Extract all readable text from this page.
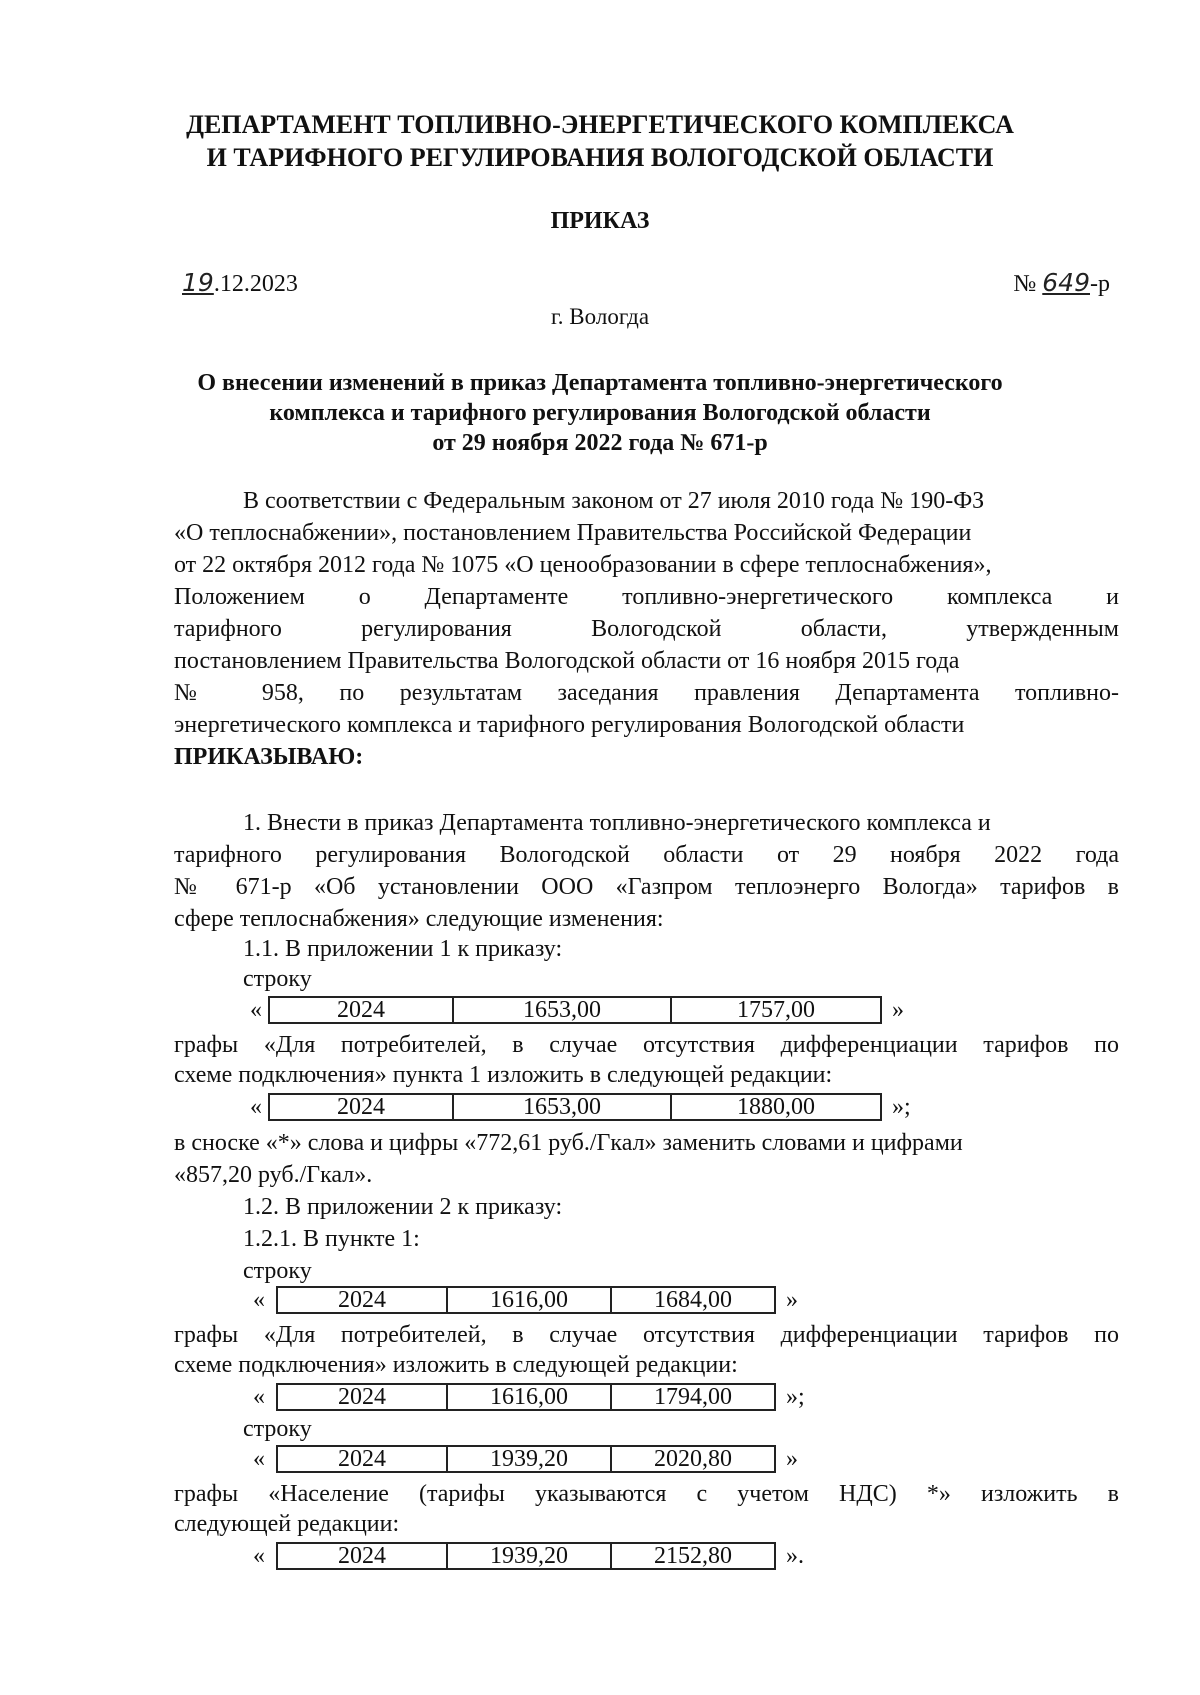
ДЕПАРТАМЕНТ ТОПЛИВНО-ЭНЕРГЕТИЧЕСКОГО КОМПЛЕКСА
И ТАРИФНОГО РЕГУЛИРОВАНИЯ ВОЛОГОДСКОЙ ОБЛАСТИ
ПРИКАЗ
19.12.2023	№ 649-р
г. Вологда
О внесении изменений в приказ Департамента топливно-энергетического
комплекса и тарифного регулирования Вологодской области
от 29 ноября 2022 года № 671-р
В соответствии с Федеральным законом от 27 июля 2010 года № 190-ФЗ
«О теплоснабжении», постановлением Правительства Российской Федерации
от 22 октября 2012 года № 1075 «О ценообразовании в сфере теплоснабжения»,
Положением о Департаменте топливно-энергетического комплекса и
тарифного регулирования Вологодской области, утвержденным
постановлением Правительства Вологодской области от 16 ноября 2015 года
№ 958, по результатам заседания правления Департамента топливно-
энергетического комплекса и тарифного регулирования Вологодской области
ПРИКАЗЫВАЮ:
1. Внести в приказ Департамента топливно-энергетического комплекса и
тарифного регулирования Вологодской области от 29 ноября 2022 года
№ 671-р «Об установлении ООО «Газпром теплоэнерго Вологда» тарифов в
сфере теплоснабжения» следующие изменения:
1.1. В приложении 1 к приказу:
строку
«	2024	1653,00	1757,00	»
графы «Для потребителей, в случае отсутствия дифференциации тарифов по
схеме подключения» пункта 1 изложить в следующей редакции:
«	2024	1653,00	1880,00	»;
в сноске «*» слова и цифры «772,61 руб./Гкал» заменить словами и цифрами
«857,20 руб./Гкал».
1.2. В приложении 2 к приказу:
1.2.1. В пункте 1:
строку
«	2024	1616,00	1684,00	»
графы «Для потребителей, в случае отсутствия дифференциации тарифов по
схеме подключения» изложить в следующей редакции:
«	2024	1616,00	1794,00	»;
строку
«	2024	1939,20	2020,80	»
графы «Население (тарифы указываются с учетом НДС) *» изложить в
следующей редакции:
«	2024	1939,20	2152,80	».
